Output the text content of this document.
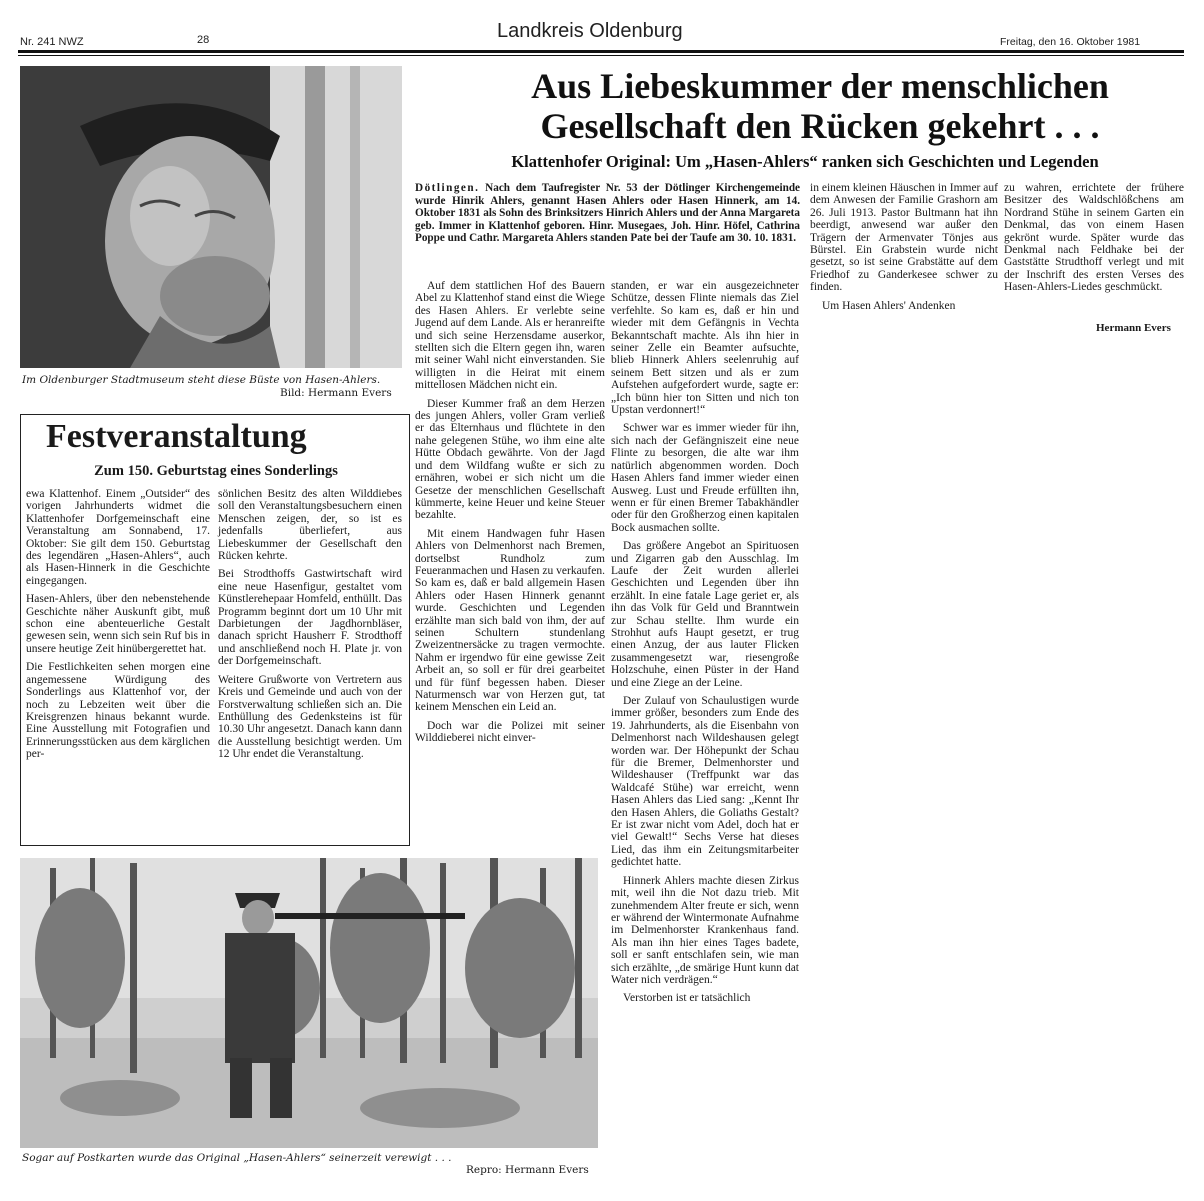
Nr. 241 NWZ	28	Landkreis Oldenburg	Freitag, den 16. Oktober 1981
Im Oldenburger Stadtmuseum steht diese Büste von Hasen-Ahlers.
Bild: Hermann Evers
Aus Liebeskummer der menschlichen
Gesellschaft den Rücken gekehrt . . .
Klattenhofer Original: Um „Hasen-Ahlers“ ranken sich Geschichten und Legenden
Dötlingen. Nach dem Taufregister Nr. 53 der Dötlinger Kirchengemeinde wurde Hinrik Ahlers, genannt Hasen Ahlers oder Hasen Hinnerk, am 14. Oktober 1831 als Sohn des Brinksitzers Hinrich Ahlers und der Anna Margareta geb. Immer in Klattenhof geboren. Hinr. Musegaes, Joh. Hinr. Höfel, Cathrina Poppe und Cathr. Margareta Ahlers standen Pate bei der Taufe am 30. 10. 1831.

Auf dem stattlichen Hof des Bauern Abel zu Klattenhof stand einst die Wiege des Hasen Ahlers. Er verlebte seine Jugend auf dem Lande. Als er heranreifte und sich seine Herzensdame auserkor, stellten sich die Eltern gegen ihn, waren mit seiner Wahl nicht einverstanden. Sie willigten in die Heirat mit einem mittellosen Mädchen nicht ein.

Dieser Kummer fraß an dem Herzen des jungen Ahlers, voller Gram verließ er das Elternhaus und flüchtete in den nahe gelegenen Stühe, wo ihm eine alte Hütte Obdach gewährte. Von der Jagd und dem Wildfang wußte er sich zu ernähren, wobei er sich nicht um die Gesetze der menschlichen Gesellschaft kümmerte, keine Heuer und keine Steuer bezahlte.

Mit einem Handwagen fuhr Hasen Ahlers von Delmenhorst nach Bremen, dortselbst Rundholz zum Feueranmachen und Hasen zu verkaufen. So kam es, daß er bald allgemein Hasen Ahlers oder Hasen Hinnerk genannt wurde. Geschichten und Legenden erzählte man sich bald von ihm, der auf seinen Schultern stundenlang Zweizentnersäcke zu tragen vermochte. Nahm er irgendwo für eine gewisse Zeit Arbeit an, so soll er für drei gearbeitet und für fünf begessen haben. Dieser Naturmensch war von Herzen gut, tat keinem Menschen ein Leid an.

Doch war die Polizei mit seiner Wilddieberei nicht einver-

standen, er war ein ausgezeichneter Schütze, dessen Flinte niemals das Ziel verfehlte. So kam es, daß er hin und wieder mit dem Gefängnis in Vechta Bekanntschaft machte. Als ihn hier in seiner Zelle ein Beamter aufsuchte, blieb Hinnerk Ahlers seelenruhig auf seinem Bett sitzen und als er zum Aufstehen aufgefordert wurde, sagte er: „Ich bünn hier ton Sitten und nich ton Upstan verdonnert!“

Schwer war es immer wieder für ihn, sich nach der Gefängniszeit eine neue Flinte zu besorgen, die alte war ihm natürlich abgenommen worden. Doch Hasen Ahlers fand immer wieder einen Ausweg. Lust und Freude erfüllten ihn, wenn er für einen Bremer Tabakhändler oder für den Großherzog einen kapitalen Bock ausmachen sollte.

Das größere Angebot an Spirituosen und Zigarren gab den Ausschlag. Im Laufe der Zeit wurden allerlei Geschichten und Legenden über ihn erzählt. In eine fatale Lage geriet er, als ihn das Volk für Geld und Branntwein zur Schau stellte. Ihm wurde ein Strohhut aufs Haupt gesetzt, er trug einen Anzug, der aus lauter Flicken zusammengesetzt war, riesengroße Holzschuhe, einen Püster in der Hand und eine Ziege an der Leine.

Der Zulauf von Schaulustigen wurde immer größer, besonders zum Ende des 19. Jahrhunderts, als die Eisenbahn von Delmenhorst nach Wildeshausen gelegt worden war. Der Höhepunkt der Schau für die Bremer, Delmenhorster und Wildeshauser (Treffpunkt war das Waldcafé Stühe) war erreicht, wenn Hasen Ahlers das Lied sang: „Kennt Ihr den Hasen Ahlers, die Goliaths Gestalt? Er ist zwar nicht vom Adel, doch hat er viel Gewalt!“ Sechs Verse hat dieses Lied, das ihm ein Zeitungsmitarbeiter gedichtet hatte.

Hinnerk Ahlers machte diesen Zirkus mit, weil ihn die Not dazu trieb. Mit zunehmendem Alter freute er sich, wenn er während der Wintermonate Aufnahme im Delmenhorster Krankenhaus fand. Als man ihn hier eines Tages badete, soll er sanft entschlafen sein, wie man sich erzählte, „de smärige Hunt kunn dat Water nich verdrägen.“

Verstorben ist er tatsächlich

in einem kleinen Häuschen in Immer auf dem Anwesen der Familie Grashorn am 26. Juli 1913. Pastor Bultmann hat ihn beerdigt, anwesend war außer den Trägern der Armenvater Tönjes aus Bürstel. Ein Grabstein wurde nicht gesetzt, so ist seine Grabstätte auf dem Friedhof zu Ganderkesee schwer zu finden.

Um Hasen Ahlers' Andenken

zu wahren, errichtete der frühere Besitzer des Waldschlößchens am Nordrand Stühe in seinem Garten ein Denkmal, das von einem Hasen gekrönt wurde. Später wurde das Denkmal nach Feldhake bei der Gaststätte Strudthoff verlegt und mit der Inschrift des ersten Verses des Hasen-Ahlers-Liedes geschmückt.

Hermann Evers
Festveranstaltung
Zum 150. Geburtstag eines Sonderlings

ewa Klattenhof. Einem „Outsider“ des vorigen Jahrhunderts widmet die Klattenhofer Dorfgemeinschaft eine Veranstaltung am Sonnabend, 17. Oktober: Sie gilt dem 150. Geburtstag des legendären „Hasen-Ahlers“, auch als Hasen-Hinnerk in die Geschichte eingegangen.

Hasen-Ahlers, über den nebenstehende Geschichte näher Auskunft gibt, muß schon eine abenteuerliche Gestalt gewesen sein, wenn sich sein Ruf bis in unsere heutige Zeit hinübergerettet hat.

Die Festlichkeiten sehen morgen eine angemessene Würdigung des Sonderlings aus Klattenhof vor, der noch zu Lebzeiten weit über die Kreisgrenzen hinaus bekannt wurde. Eine Ausstellung mit Fotografien und Erinnerungsstücken aus dem kärglichen per-

sönlichen Besitz des alten Wilddiebes soll den Veranstaltungsbesuchern einen Menschen zeigen, der, so ist es jedenfalls überliefert, aus Liebeskummer der Gesellschaft den Rücken kehrte.

Bei Strodthoffs Gastwirtschaft wird eine neue Hasenfigur, gestaltet vom Künstlerehepaar Homfeld, enthüllt. Das Programm beginnt dort um 10 Uhr mit Darbietungen der Jagdhornbläser, danach spricht Hausherr F. Strodthoff und anschließend noch H. Plate jr. von der Dorfgemeinschaft.

Weitere Grußworte von Vertretern aus Kreis und Gemeinde und auch von der Forstverwaltung schließen sich an. Die Enthüllung des Gedenksteins ist für 10.30 Uhr angesetzt. Danach kann dann die Ausstellung besichtigt werden. Um 12 Uhr endet die Veranstaltung.

Sogar auf Postkarten wurde das Original „Hasen-Ahlers“ seinerzeit verewigt . . .
Repro: Hermann Evers
